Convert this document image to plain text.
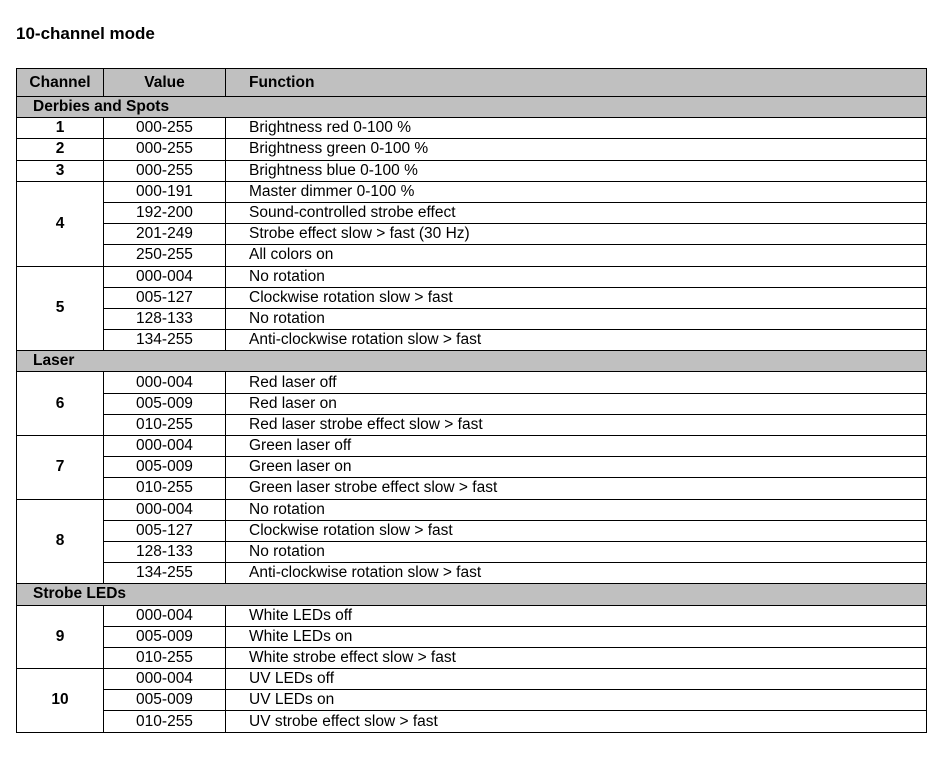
10-channel mode
Channel	Value	Function
Derbies and Spots		
1	000-255	Brightness red 0-100 %
2	000-255	Brightness green 0-100 %
3	000-255	Brightness blue 0-100 %
4	000-191	Master dimmer 0-100 %
	192-200	Sound-controlled strobe effect
	201-249	Strobe effect slow > fast (30 Hz)
	250-255	All colors on
5	000-004	No rotation
	005-127	Clockwise rotation slow > fast
	128-133	No rotation
	134-255	Anti-clockwise rotation slow > fast
Laser		
6	000-004	Red laser off
	005-009	Red laser on
	010-255	Red laser strobe effect slow > fast
7	000-004	Green laser off
	005-009	Green laser on
	010-255	Green laser strobe effect slow > fast
8	000-004	No rotation
	005-127	Clockwise rotation slow > fast
	128-133	No rotation
	134-255	Anti-clockwise rotation slow > fast
Strobe LEDs		
9	000-004	White LEDs off
	005-009	White LEDs on
	010-255	White strobe effect slow > fast
10	000-004	UV LEDs off
	005-009	UV LEDs on
	010-255	UV strobe effect slow > fast
